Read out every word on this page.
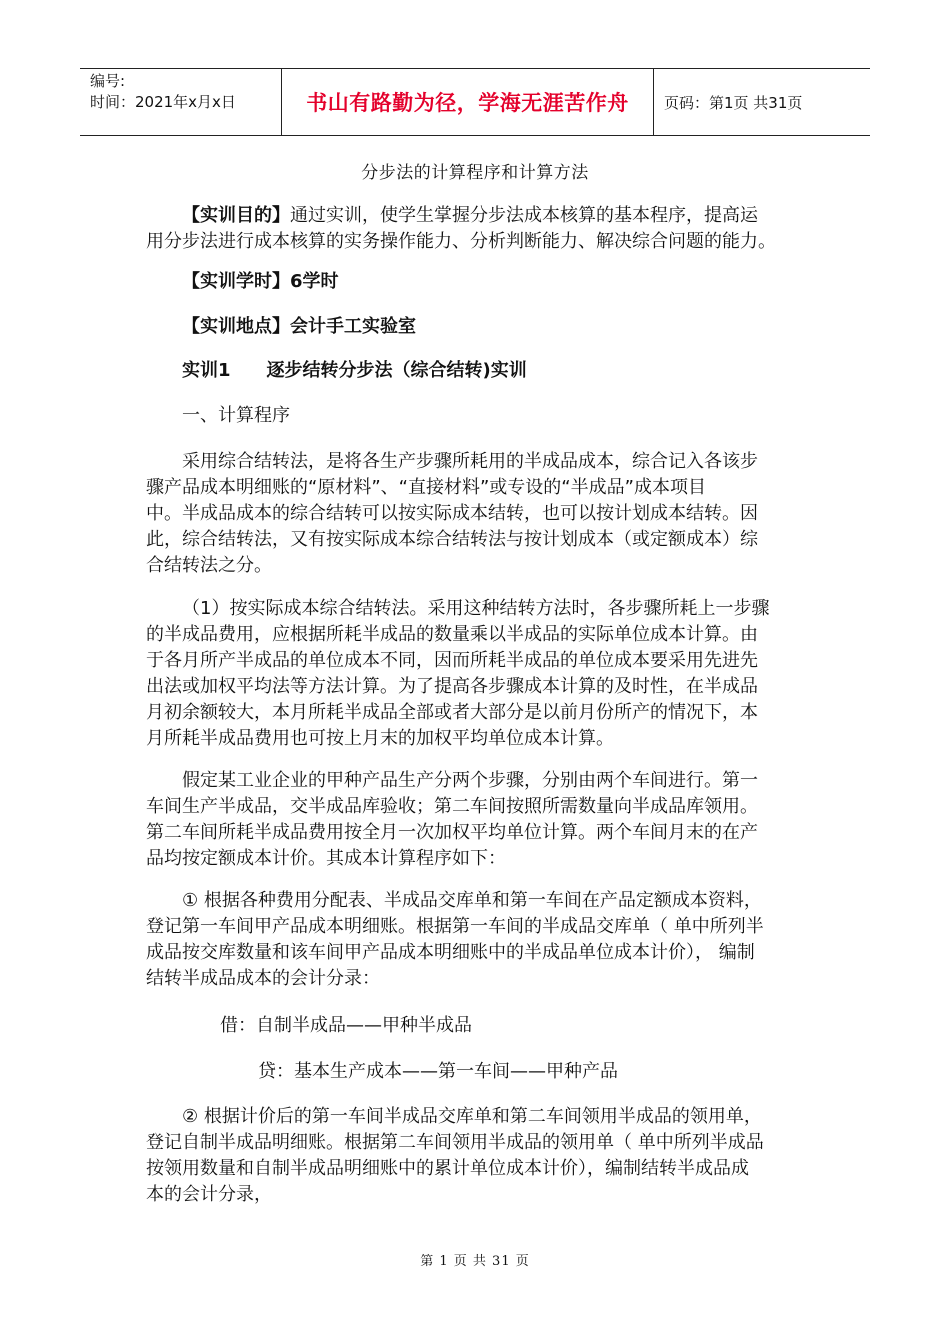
编号:
时间：2021年x月x日	书山有路勤为径，学海无涯苦作舟	页码：第1页 共31页
分步法的计算程序和计算方法
【实训目的】通过实训，使学生掌握分步法成本核算的基本程序，提高运
用分步法进行成本核算的实务操作能力、分析判断能力、解决综合问题的能力。
【实训学时】6学时
【实训地点】会计手工实验室
实训1　　逐步结转分步法（综合结转)实训
一、计算程序
采用综合结转法，是将各生产步骤所耗用的半成品成本，综合记入各该步
骤产品成本明细账的“原材料”、“直接材料”或专设的“半成品”成本项目
中。半成品成本的综合结转可以按实际成本结转，也可以按计划成本结转。因
此，综合结转法，又有按实际成本综合结转法与按计划成本（或定额成本）综
合结转法之分。
（1）按实际成本综合结转法。采用这种结转方法时，各步骤所耗上一步骤
的半成品费用，应根据所耗半成品的数量乘以半成品的实际单位成本计算。由
于各月所产半成品的单位成本不同，因而所耗半成品的单位成本要采用先进先
出法或加权平均法等方法计算。为了提高各步骤成本计算的及时性，在半成品
月初余额较大，本月所耗半成品全部或者大部分是以前月份所产的情况下，本
月所耗半成品费用也可按上月末的加权平均单位成本计算。
假定某工业企业的甲种产品生产分两个步骤，分别由两个车间进行。第一
车间生产半成品，交半成品库验收；第二车间按照所需数量向半成品库领用。
第二车间所耗半成品费用按全月一次加权平均单位计算。两个车间月末的在产
品均按定额成本计价。其成本计算程序如下：
① 根据各种费用分配表、半成品交库单和第一车间在产品定额成本资料，
登记第一车间甲产品成本明细账。根据第一车间的半成品交库单（ 单中所列半
成品按交库数量和该车间甲产品成本明细账中的半成品单位成本计价）， 编制
结转半成品成本的会计分录：
借：自制半成品——甲种半成品
贷：基本生产成本——第一车间——甲种产品
② 根据计价后的第一车间半成品交库单和第二车间领用半成品的领用单，
登记自制半成品明细账。根据第二车间领用半成品的领用单（ 单中所列半成品
按领用数量和自制半成品明细账中的累计单位成本计价），编制结转半成品成
本的会计分录，
第 1 页 共 31 页
